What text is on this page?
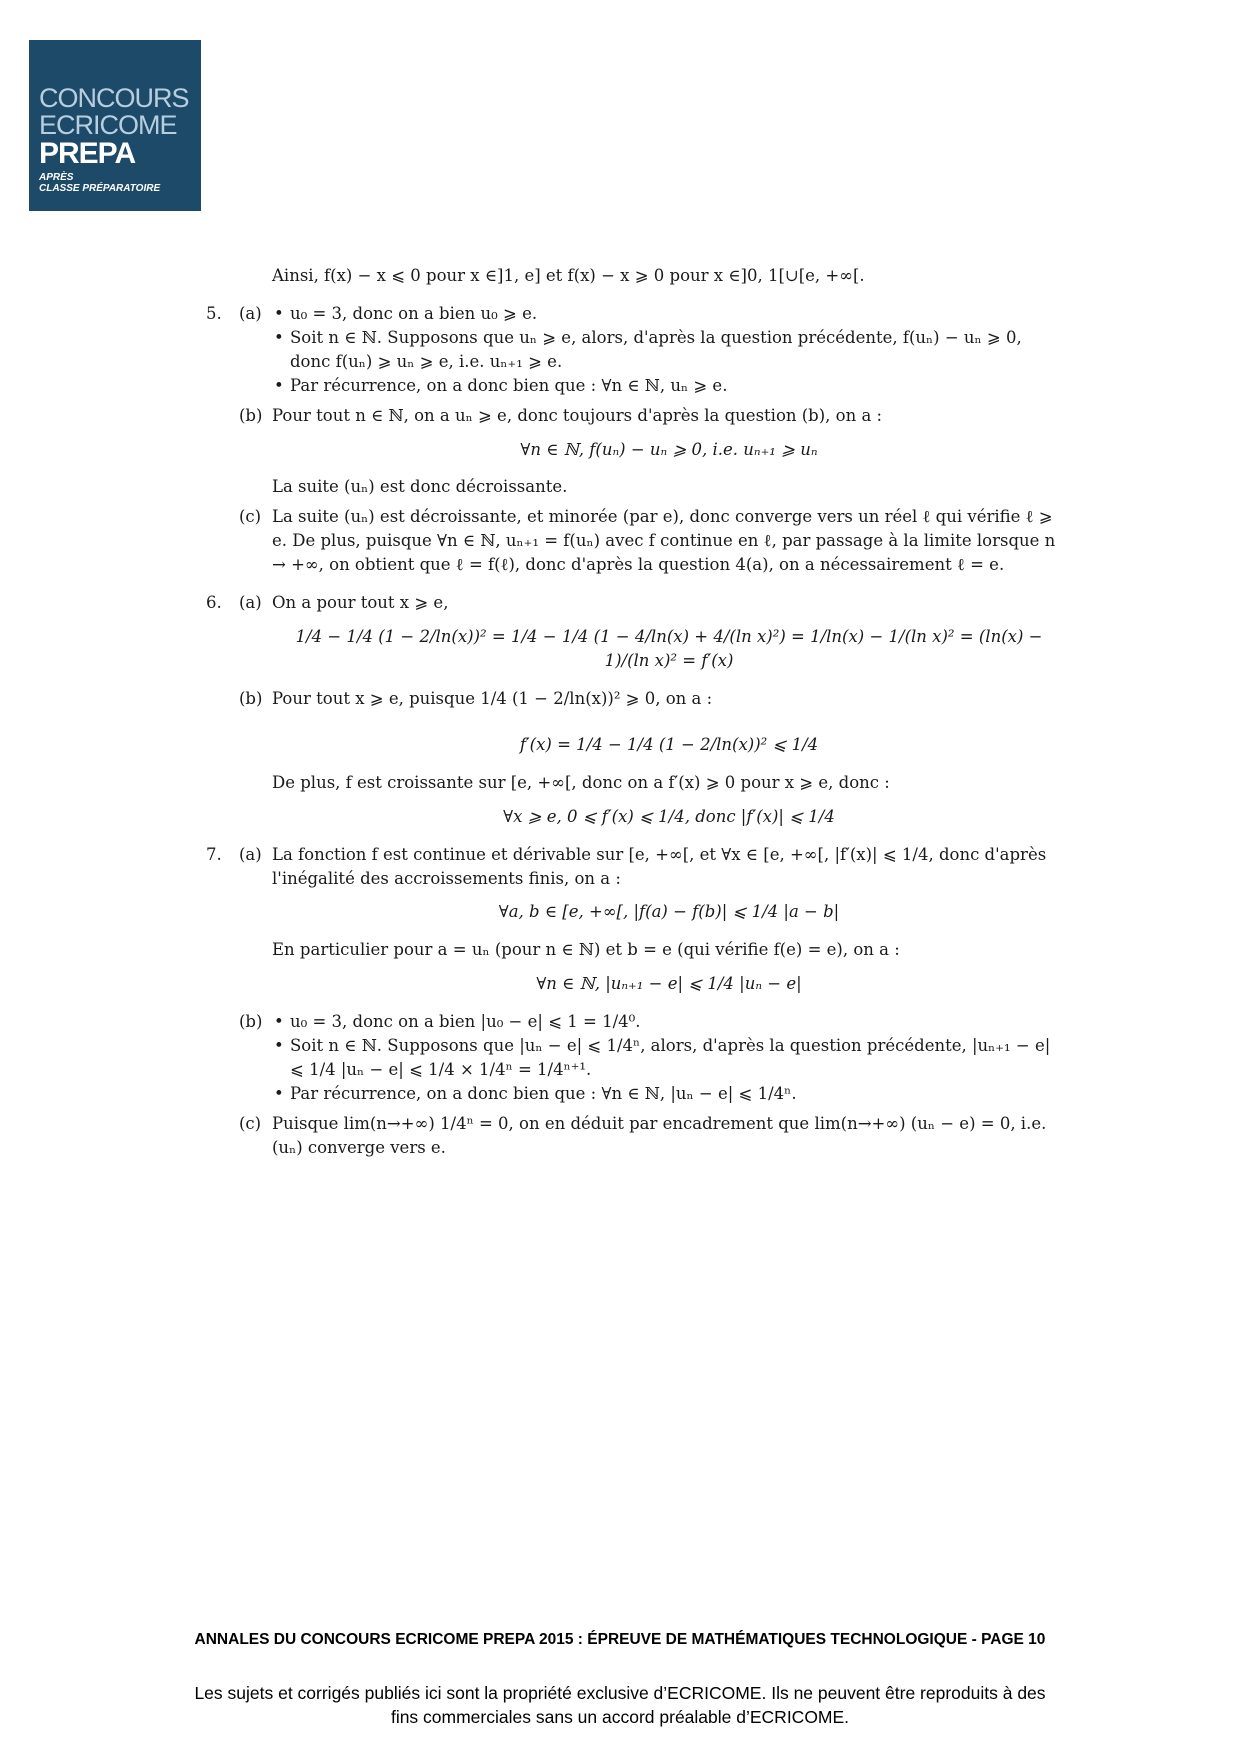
CONCOURS
ECRICOME
PREPA
APRÈS
CLASSE PRÉPARATOIRE
Ainsi, f(x) − x ⩽ 0 pour x ∈]1, e] et f(x) − x ⩾ 0 pour x ∈]0, 1[∪[e, +∞[.
5. (a)	• u₀ = 3, donc on a bien u₀ ⩾ e.
• Soit n ∈ ℕ. Supposons que uₙ ⩾ e, alors, d'après la question précédente, f(uₙ) − uₙ ⩾ 0, donc f(uₙ) ⩾ uₙ ⩾ e, i.e. uₙ₊₁ ⩾ e.
• Par récurrence, on a donc bien que : ∀n ∈ ℕ, uₙ ⩾ e.
(b) Pour tout n ∈ ℕ, on a uₙ ⩾ e, donc toujours d'après la question (b), on a :
∀n ∈ ℕ, f(uₙ) − uₙ ⩾ 0, i.e. uₙ₊₁ ⩾ uₙ
La suite (uₙ) est donc décroissante.
(c) La suite (uₙ) est décroissante, et minorée (par e), donc converge vers un réel ℓ qui vérifie ℓ ⩾ e. De plus, puisque ∀n ∈ ℕ, uₙ₊₁ = f(uₙ) avec f continue en ℓ, par passage à la limite lorsque n → +∞, on obtient que ℓ = f(ℓ), donc d'après la question 4(a), on a nécessairement ℓ = e.
6. (a) On a pour tout x ⩾ e,
1/4 − 1/4 (1 − 2/ln(x))² = 1/4 − 1/4 (1 − 4/ln(x) + 4/(ln x)²) = 1/ln(x) − 1/(ln x)² = (ln(x) − 1)/(ln x)² = f′(x)
(b) Pour tout x ⩾ e, puisque 1/4 (1 − 2/ln(x))² ⩾ 0, on a :
f′(x) = 1/4 − 1/4 (1 − 2/ln(x))² ⩽ 1/4
De plus, f est croissante sur [e, +∞[, donc on a f′(x) ⩾ 0 pour x ⩾ e, donc :
∀x ⩾ e, 0 ⩽ f′(x) ⩽ 1/4, donc |f′(x)| ⩽ 1/4
7. (a) La fonction f est continue et dérivable sur [e, +∞[, et ∀x ∈ [e, +∞[, |f′(x)| ⩽ 1/4, donc d'après l'inégalité des accroissements finis, on a :
∀a, b ∈ [e, +∞[, |f(a) − f(b)| ⩽ 1/4 |a − b|
En particulier pour a = uₙ (pour n ∈ ℕ) et b = e (qui vérifie f(e) = e), on a :
∀n ∈ ℕ, |uₙ₊₁ − e| ⩽ 1/4 |uₙ − e|
(b)	• u₀ = 3, donc on a bien |u₀ − e| ⩽ 1 = 1/4⁰.
• Soit n ∈ ℕ. Supposons que |uₙ − e| ⩽ 1/4ⁿ, alors, d'après la question précédente, |uₙ₊₁ − e| ⩽ 1/4 |uₙ − e| ⩽ 1/4 × 1/4ⁿ = 1/4ⁿ⁺¹.
• Par récurrence, on a donc bien que : ∀n ∈ ℕ, |uₙ − e| ⩽ 1/4ⁿ.
(c) Puisque lim(n→+∞) 1/4ⁿ = 0, on en déduit par encadrement que lim(n→+∞) (uₙ − e) = 0, i.e. (uₙ) converge vers e.
ANNALES DU CONCOURS ECRICOME PREPA 2015 : ÉPREUVE DE MATHÉMATIQUES TECHNOLOGIQUE - PAGE 10
Les sujets et corrigés publiés ici sont la propriété exclusive d’ECRICOME. Ils ne peuvent être reproduits à des
fins commerciales sans un accord préalable d’ECRICOME.
